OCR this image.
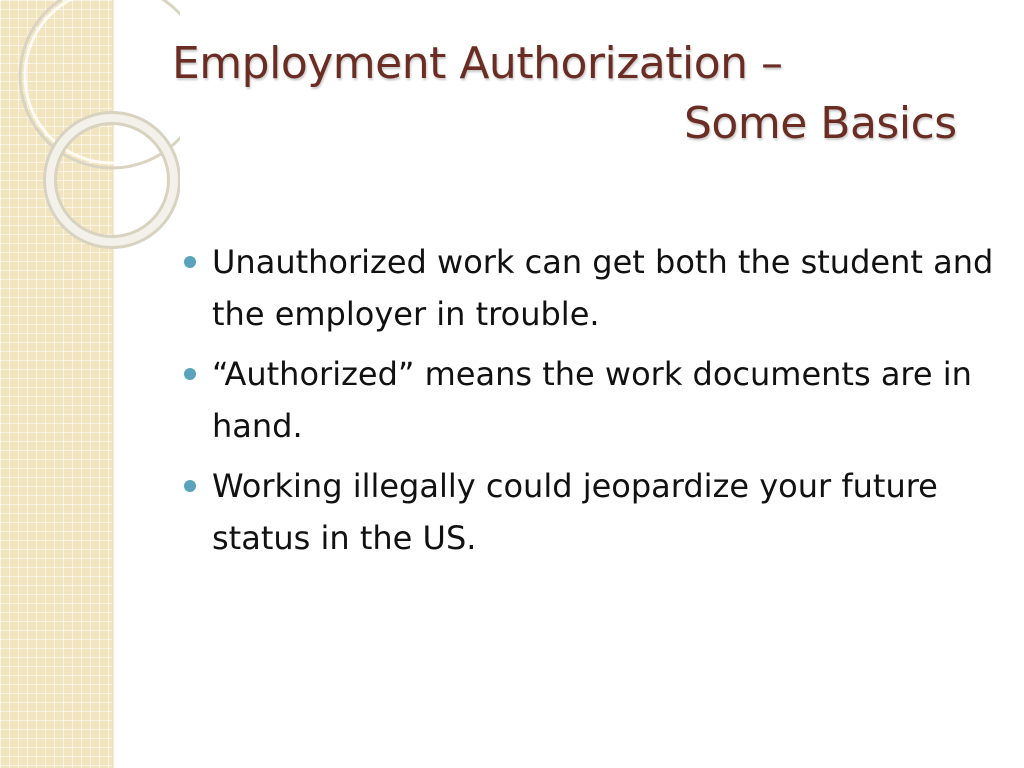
Employment Authorization –
Some Basics
Unauthorized work can get both the student and the employer in trouble.
“Authorized” means the work documents are in hand.
Working illegally could jeopardize your future status in the US.
